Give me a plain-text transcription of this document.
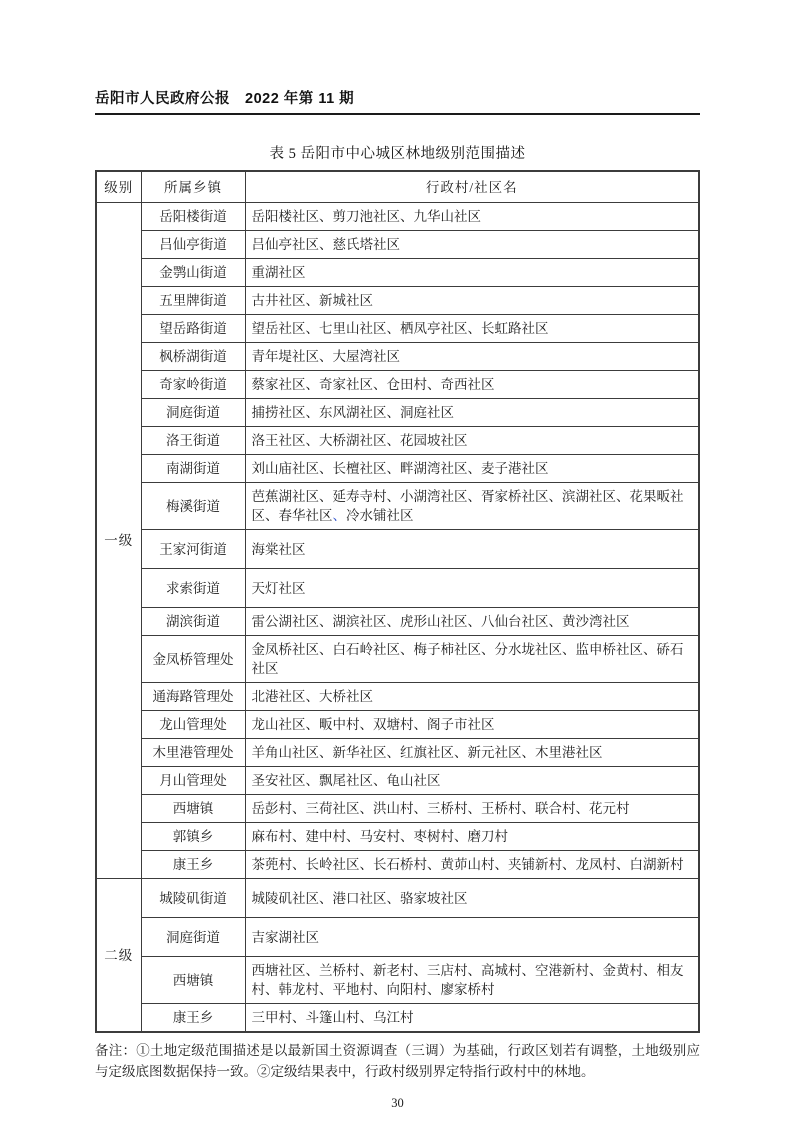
岳阳市人民政府公报　2022 年第 11 期
表 5 岳阳市中心城区林地级别范围描述
级别	所属乡镇	行政村/社区名
一级	岳阳楼街道	岳阳楼社区、剪刀池社区、九华山社区
	吕仙亭街道	吕仙亭社区、慈氏塔社区
	金鹗山街道	重湖社区
	五里牌街道	古井社区、新城社区
	望岳路街道	望岳社区、七里山社区、栖凤亭社区、长虹路社区
	枫桥湖街道	青年堤社区、大屋湾社区
	奇家岭街道	蔡家社区、奇家社区、仓田村、奇西社区
	洞庭街道	捕捞社区、东风湖社区、洞庭社区
	洛王街道	洛王社区、大桥湖社区、花园坡社区
	南湖街道	刘山庙社区、长檀社区、畔湖湾社区、麦子港社区
	梅溪街道	芭蕉湖社区、延寿寺村、小湖湾社区、胥家桥社区、滨湖社区、花果畈社区、春华社区、冷水铺社区
	王家河街道	海棠社区
	求索街道	天灯社区
	湖滨街道	雷公湖社区、湖滨社区、虎形山社区、八仙台社区、黄沙湾社区
	金凤桥管理处	金凤桥社区、白石岭社区、梅子柿社区、分水垅社区、监申桥社区、硚石社区
	通海路管理处	北港社区、大桥社区
	龙山管理处	龙山社区、畈中村、双塘村、阁子市社区
	木里港管理处	羊角山社区、新华社区、红旗社区、新元社区、木里港社区
	月山管理处	圣安社区、飘尾社区、龟山社区
	西塘镇	岳彭村、三荷社区、洪山村、三桥村、王桥村、联合村、花元村
	郭镇乡	麻布村、建中村、马安村、枣树村、磨刀村
	康王乡	茶蔸村、长岭社区、长石桥村、黄茆山村、夹铺新村、龙凤村、白湖新村
二级	城陵矶街道	城陵矶社区、港口社区、骆家坡社区
	洞庭街道	吉家湖社区
	西塘镇	西塘社区、兰桥村、新老村、三店村、高城村、空港新村、金黄村、相友村、韩龙村、平地村、向阳村、廖家桥村
	康王乡	三甲村、斗篷山村、乌江村
备注：①土地定级范围描述是以最新国土资源调查（三调）为基础，行政区划若有调整，土地级别应与定级底图数据保持一致。②定级结果表中，行政村级别界定特指行政村中的林地。
30
